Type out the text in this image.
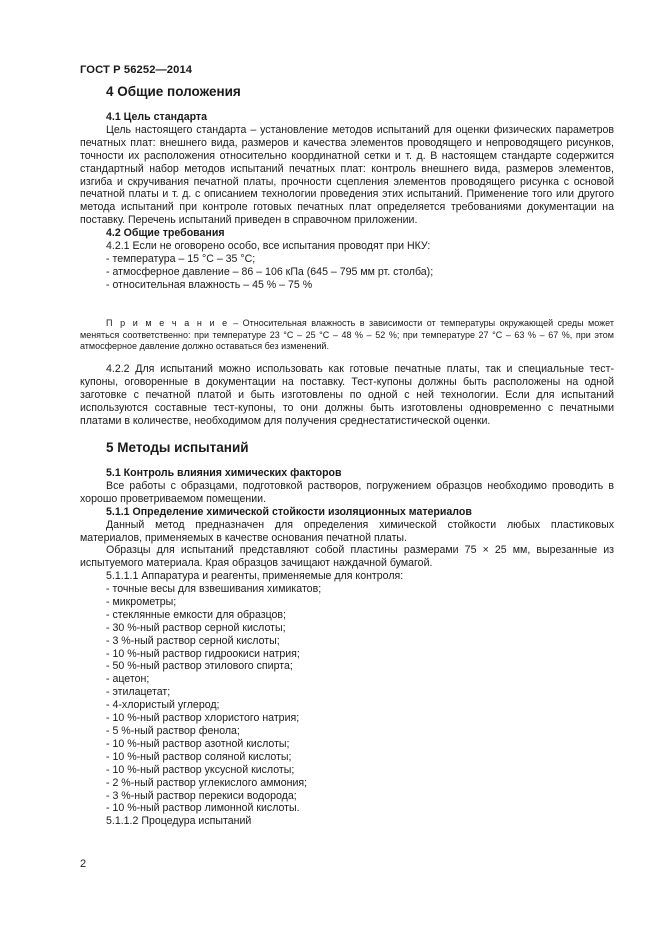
ГОСТ Р 56252—2014
4 Общие положения

4.1 Цель стандарта

Цель настоящего стандарта – установление методов испытаний для оценки физических параметров печатных плат: внешнего вида, размеров и качества элементов проводящего и непроводящего рисунков, точности их расположения относительно координатной сетки и т. д. В настоящем стандарте содержится стандартный набор методов испытаний печатных плат: контроль внешнего вида, размеров элементов, изгиба и скручивания печатной платы, прочности сцепления элементов проводящего рисунка с основой печатной платы и т. д. с описанием технологии проведения этих испытаний. Применение того или другого метода испытаний при контроле готовых печатных плат определяется требованиями документации на поставку. Перечень испытаний приведен в справочном приложении.

4.2 Общие требования

4.2.1 Если не оговорено особо, все испытания проводят при НКУ:

- температура – 15 °С – 35 °С;

- атмосферное давление – 86 – 106 кПа (645 – 795 мм рт. столба);

- относительная влажность – 45 % – 75 %

П р и м е ч а н и е – Относительная влажность в зависимости от температуры окружающей среды может меняться соответственно: при температуре 23 °С – 25 °С – 48 % – 52 %; при температуре 27 °С – 63 % – 67 %, при этом атмосферное давление должно оставаться без изменений.

4.2.2 Для испытаний можно использовать как готовые печатные платы, так и специальные тест-купоны, оговоренные в документации на поставку. Тест-купоны должны быть расположены на одной заготовке с печатной платой и быть изготовлены по одной с ней технологии. Если для испытаний используются составные тест-купоны, то они должны быть изготовлены одновременно с печатными платами в количестве, необходимом для получения среднестатистической оценки.

5 Методы испытаний

5.1 Контроль влияния химических факторов

Все работы с образцами, подготовкой растворов, погружением образцов необходимо проводить в хорошо проветриваемом помещении.

5.1.1 Определение химической стойкости изоляционных материалов

Данный метод предназначен для определения химической стойкости любых пластиковых материалов, применяемых в качестве основания печатной платы.

Образцы для испытаний представляют собой пластины размерами 75 × 25 мм, вырезанные из испытуемого материала. Края образцов зачищают наждачной бумагой.

5.1.1.1 Аппаратура и реагенты, применяемые для контроля:

- точные весы для взвешивания химикатов;
- микрометры;
- стеклянные емкости для образцов;
- 30 %-ный раствор серной кислоты;
- 3 %-ный раствор серной кислоты;
- 10 %-ный раствор гидроокиси натрия;
- 50 %-ный раствор этилового спирта;
- ацетон;
- этилацетат;
- 4-хлористый углерод;
- 10 %-ный раствор хлористого натрия;
- 5 %-ный раствор фенола;
- 10 %-ный раствор азотной кислоты;
- 10 %-ный раствор соляной кислоты;
- 10 %-ный раствор уксусной кислоты;
- 2 %-ный раствор углекислого аммония;
- 3 %-ный раствор перекиси водорода;
- 10 %-ный раствор лимонной кислоты.
5.1.1.2 Процедура испытаний
2
